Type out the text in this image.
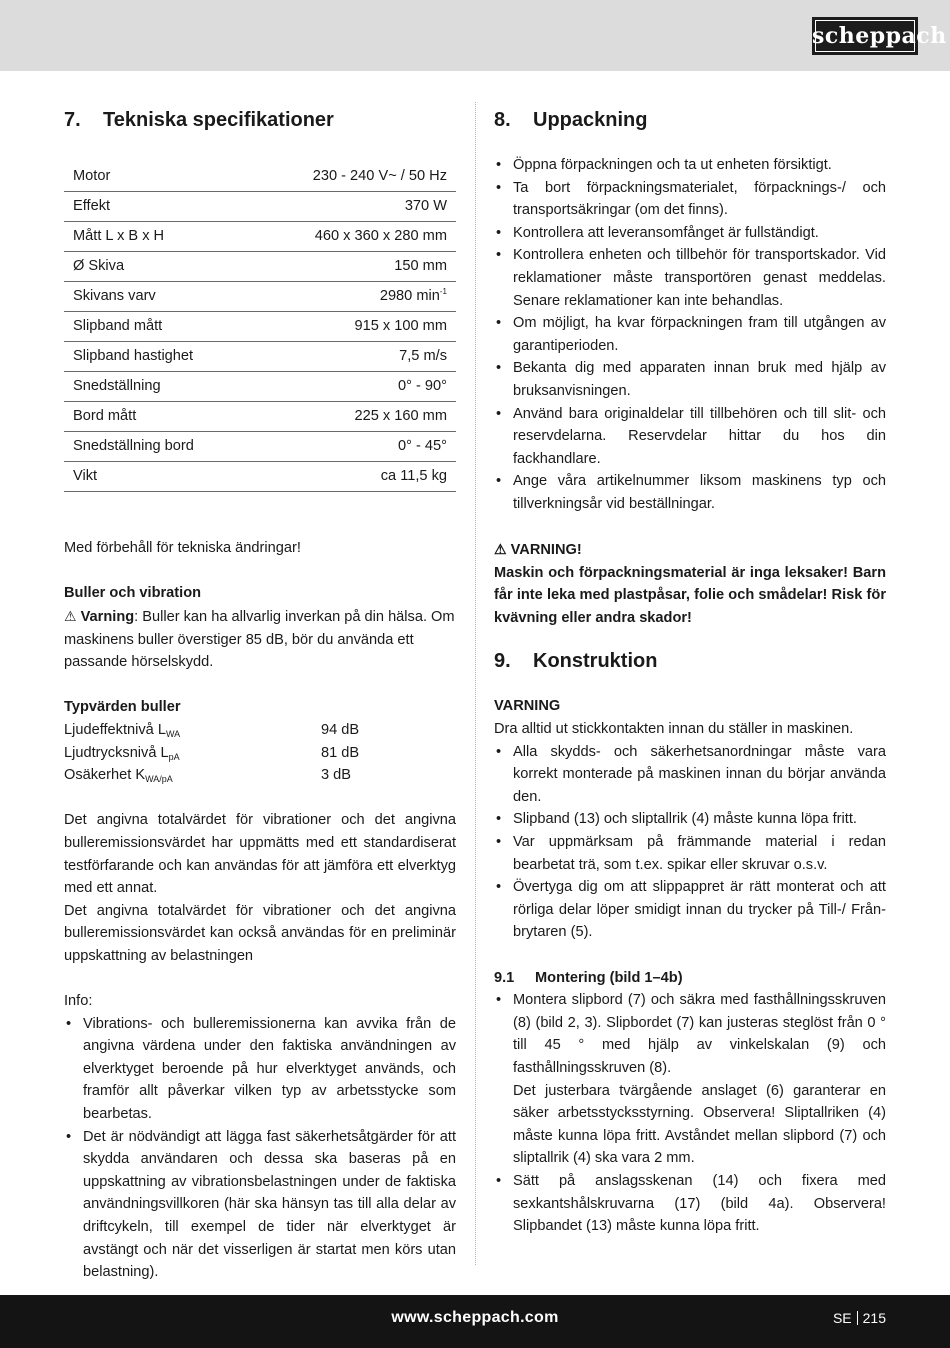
scheppach
7. Tekniska specifikationer
Motor	230 - 240 V~ / 50 Hz
Effekt	370 W
Mått L x B x H	460 x 360 x 280 mm
Ø Skiva	150 mm
Skivans varv	2980 $\min^{-1}$
Slipband mått	915 x 100 mm
Slipband hastighet	7,5 m/s
Snedställning	0° - 90°
Bord mått	225 x 160 mm
Snedställning bord	0° - 45°
Vikt	ca 11,5 kg

Med förbehåll för tekniska ändringar!

Buller och vibration

⚠ Varning: Buller kan ha allvarlig inverkan på din hälsa. Om maskinens buller överstiger 85 dB, bör du använda ett passande hörselskydd.

Typvärden buller

Ljudeffektnivå $L_{WA}$	94 dB
Ljudtrycksnivå $L_{pA}$	81 dB
Osäkerhet $K_{WA/pA}$	3 dB

Det angivna totalvärdet för vibrationer och det angivna bulleremissionsvärdet har uppmätts med ett standardiserat testförfarande och kan användas för att jämföra ett elverktyg med ett annat.

Det angivna totalvärdet för vibrationer och det angivna bulleremissionsvärdet kan också användas för en preliminär uppskattning av belastningen

Info:

• Vibrations- och bulleremissionerna kan avvika från de angivna värdena under den faktiska användningen av elverktyget beroende på hur elverktyget används, och framför allt påverkar vilken typ av arbetsstycke som bearbetas.
• Det är nödvändigt att lägga fast säkerhetsåtgärder för att skydda användaren och dessa ska baseras på en uppskattning av vibrationsbelastningen under de faktiska användningsvillkoren (här ska hänsyn tas till alla delar av driftcykeln, till exempel de tider när elverktyget är avstängt och när det visserligen är startat men körs utan belastning).
8. Uppackning
• Öppna förpackningen och ta ut enheten försiktigt.
• Ta bort förpackningsmaterialet, förpacknings-/ och transportsäkringar (om det finns).
• Kontrollera att leveransomfånget är fullständigt.
• Kontrollera enheten och tillbehör för transportskador. Vid reklamationer måste transportören genast meddelas. Senare reklamationer kan inte behandlas.
• Om möjligt, ha kvar förpackningen fram till utgången av garantiperioden.
• Bekanta dig med apparaten innan bruk med hjälp av bruksanvisningen.
• Använd bara originaldelar till tillbehören och till slit- och reservdelarna. Reservdelar hittar du hos din fackhandlare.
• Ange våra artikelnummer liksom maskinens typ och tillverkningsår vid beställningar.

⚠ VARNING!

Maskin och förpackningsmaterial är inga leksaker! Barn får inte leka med plastpåsar, folie och smådelar! Risk för kvävning eller andra skador!

9. Konstruktion

VARNING

Dra alltid ut stickkontakten innan du ställer in maskinen.

• Alla skydds- och säkerhetsanordningar måste vara korrekt monterade på maskinen innan du börjar använda den.
• Slipband (13) och sliptallrik (4) måste kunna löpa fritt.
• Var uppmärksam på främmande material i redan bearbetat trä, som t.ex. spikar eller skruvar o.s.v.
• Övertyga dig om att slippappret är rätt monterat och att rörliga delar löper smidigt innan du trycker på Till-/ Från-brytaren (5).

9.1	Montering (bild 1–4b)

• Montera slipbord (7) och säkra med fasthållningsskruven (8) (bild 2, 3). Slipbordet (7) kan justeras steglöst från 0 ° till 45 ° med hjälp av vinkelskalan (9) och fasthållningsskruven (8).
Det justerbara tvärgående anslaget (6) garanterar en säker arbetsstycksstyrning. Observera! Sliptallriken (4) måste kunna löpa fritt. Avståndet mellan slipbord (7) och sliptallrik (4) ska vara 2 mm.
• Sätt på anslagsskenan (14) och fixera med sexkantshålskruvarna (17) (bild 4a). Observera! Slipbandet (13) måste kunna löpa fritt.
www.scheppach.com	SE 215
